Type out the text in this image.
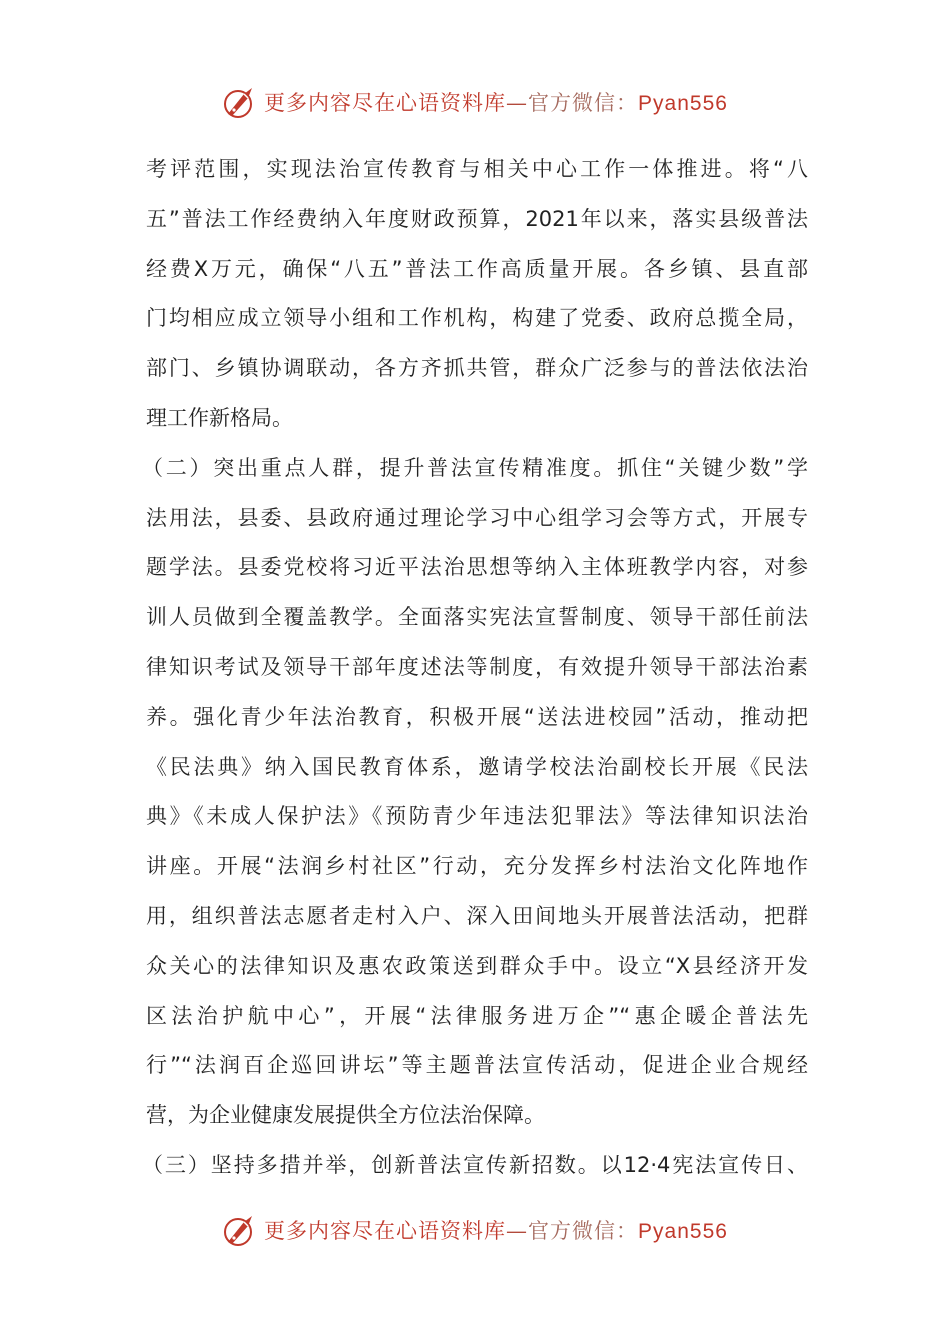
更多内容尽在心语资料库—官方微信：Pyan556
考评范围，实现法治宣传教育与相关中心工作一体推进。将“八
五”普法工作经费纳入年度财政预算，2021年以来，落实县级普法
经费X万元，确保“八五”普法工作高质量开展。各乡镇、县直部
门均相应成立领导小组和工作机构，构建了党委、政府总揽全局，
部门、乡镇协调联动，各方齐抓共管，群众广泛参与的普法依法治
理工作新格局。
（二）突出重点人群，提升普法宣传精准度。抓住“关键少数”学
法用法，县委、县政府通过理论学习中心组学习会等方式，开展专
题学法。县委党校将习近平法治思想等纳入主体班教学内容，对参
训人员做到全覆盖教学。全面落实宪法宣誓制度、领导干部任前法
律知识考试及领导干部年度述法等制度，有效提升领导干部法治素
养。强化青少年法治教育，积极开展“送法进校园”活动，推动把
《民法典》纳入国民教育体系，邀请学校法治副校长开展《民法
典》《未成人保护法》《预防青少年违法犯罪法》等法律知识法治
讲座。开展“法润乡村社区”行动，充分发挥乡村法治文化阵地作
用，组织普法志愿者走村入户、深入田间地头开展普法活动，把群
众关心的法律知识及惠农政策送到群众手中。设立“X县经济开发
区法治护航中心”，开展“法律服务进万企”“惠企暖企普法先
行”“法润百企巡回讲坛”等主题普法宣传活动，促进企业合规经
营，为企业健康发展提供全方位法治保障。
（三）坚持多措并举，创新普法宣传新招数。以12·4宪法宣传日、
更多内容尽在心语资料库—官方微信：Pyan556
